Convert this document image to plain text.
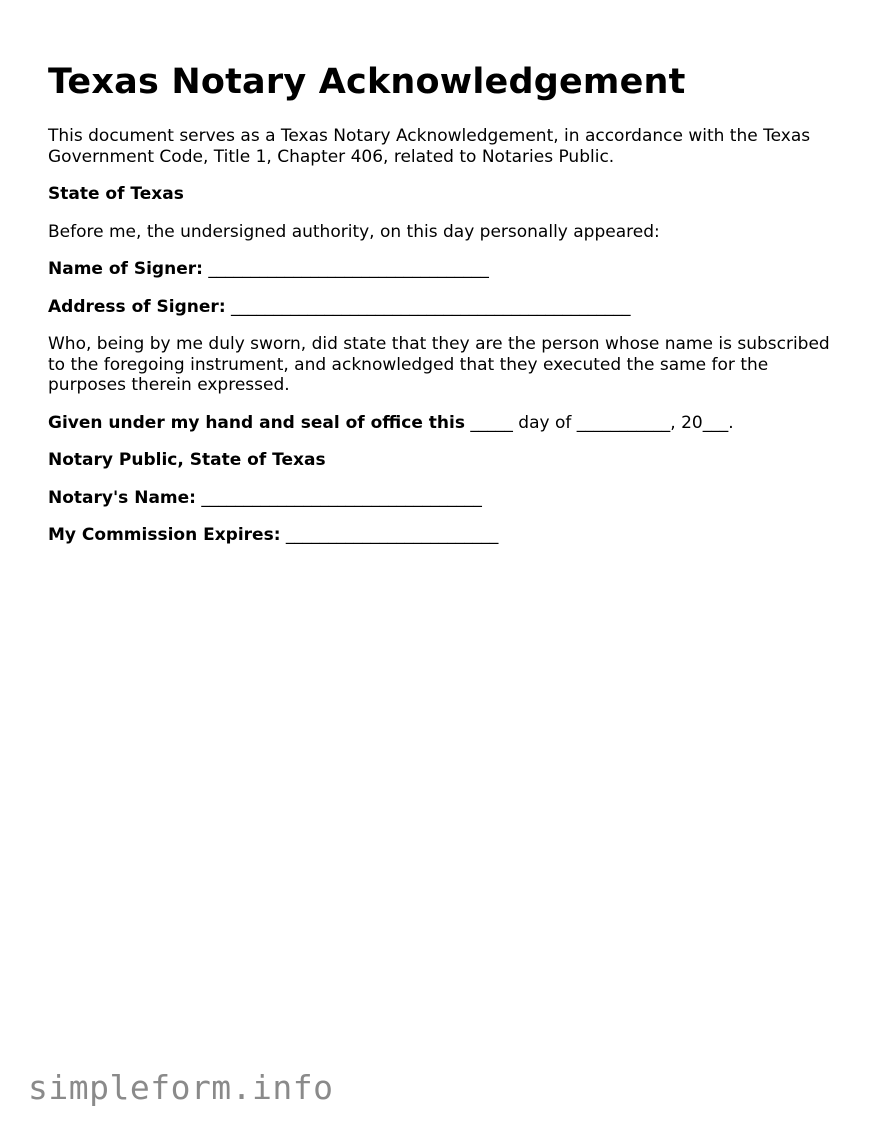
Texas Notary Acknowledgement

This document serves as a Texas Notary Acknowledgement, in accordance with the Texas Government Code, Title 1, Chapter 406, related to Notaries Public.

State of Texas

Before me, the undersigned authority, on this day personally appeared:

Name of Signer: _________________________________

Address of Signer: _______________________________________________

Who, being by me duly sworn, did state that they are the person whose name is subscribed to the foregoing instrument, and acknowledged that they executed the same for the purposes therein expressed.

Given under my hand and seal of office this _____ day of ___________, 20___.

Notary Public, State of Texas

Notary's Name: _________________________________

My Commission Expires: _________________________

simpleform.info
